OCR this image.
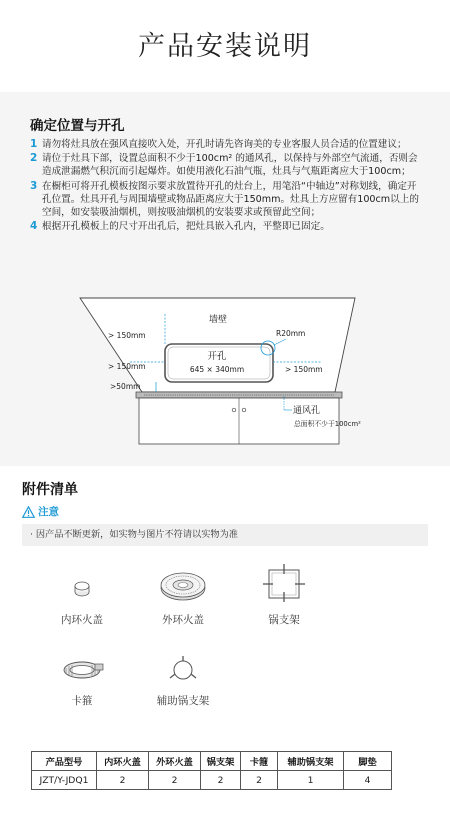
产品安装说明
确定位置与开孔
1 请勿将灶具放在强风直接吹入处，开孔时请先咨询美的专业客服人员合适的位置建议；
2 请位于灶具下部，设置总面积不少于100cm² 的通风孔，以保持与外部空气流通，否则会造成泄漏燃气积沉而引起爆炸。如使用液化石油气瓶，灶具与气瓶距离应大于100cm；
3 在橱柜可将开孔模板按图示要求放置待开孔的灶台上，用笔沿“中轴边”对称划线，确定开孔位置。灶具开孔与周围墙壁或物品距离应大于150mm。灶具上方应留有100cm以上的空间，如安装吸油烟机，则按吸油烟机的安装要求或预留此空间；
4 根据开孔模板上的尺寸开出孔后，把灶具嵌入孔内，平整即已固定。
墙壁
> 150mm	R20mm
开孔
645 × 340mm
> 150mm	> 150mm
>50mm
通风孔
总面积不少于100cm²
附件清单
注意
· 因产品不断更新，如实物与图片不符请以实物为准
内环火盖	外环火盖	锅支架
卡箍	辅助锅支架
产品型号	内环火盖	外环火盖	锅支架	卡箍	辅助锅支架	脚垫
JZT/Y-JDQ1	2	2	2	2	1	4
